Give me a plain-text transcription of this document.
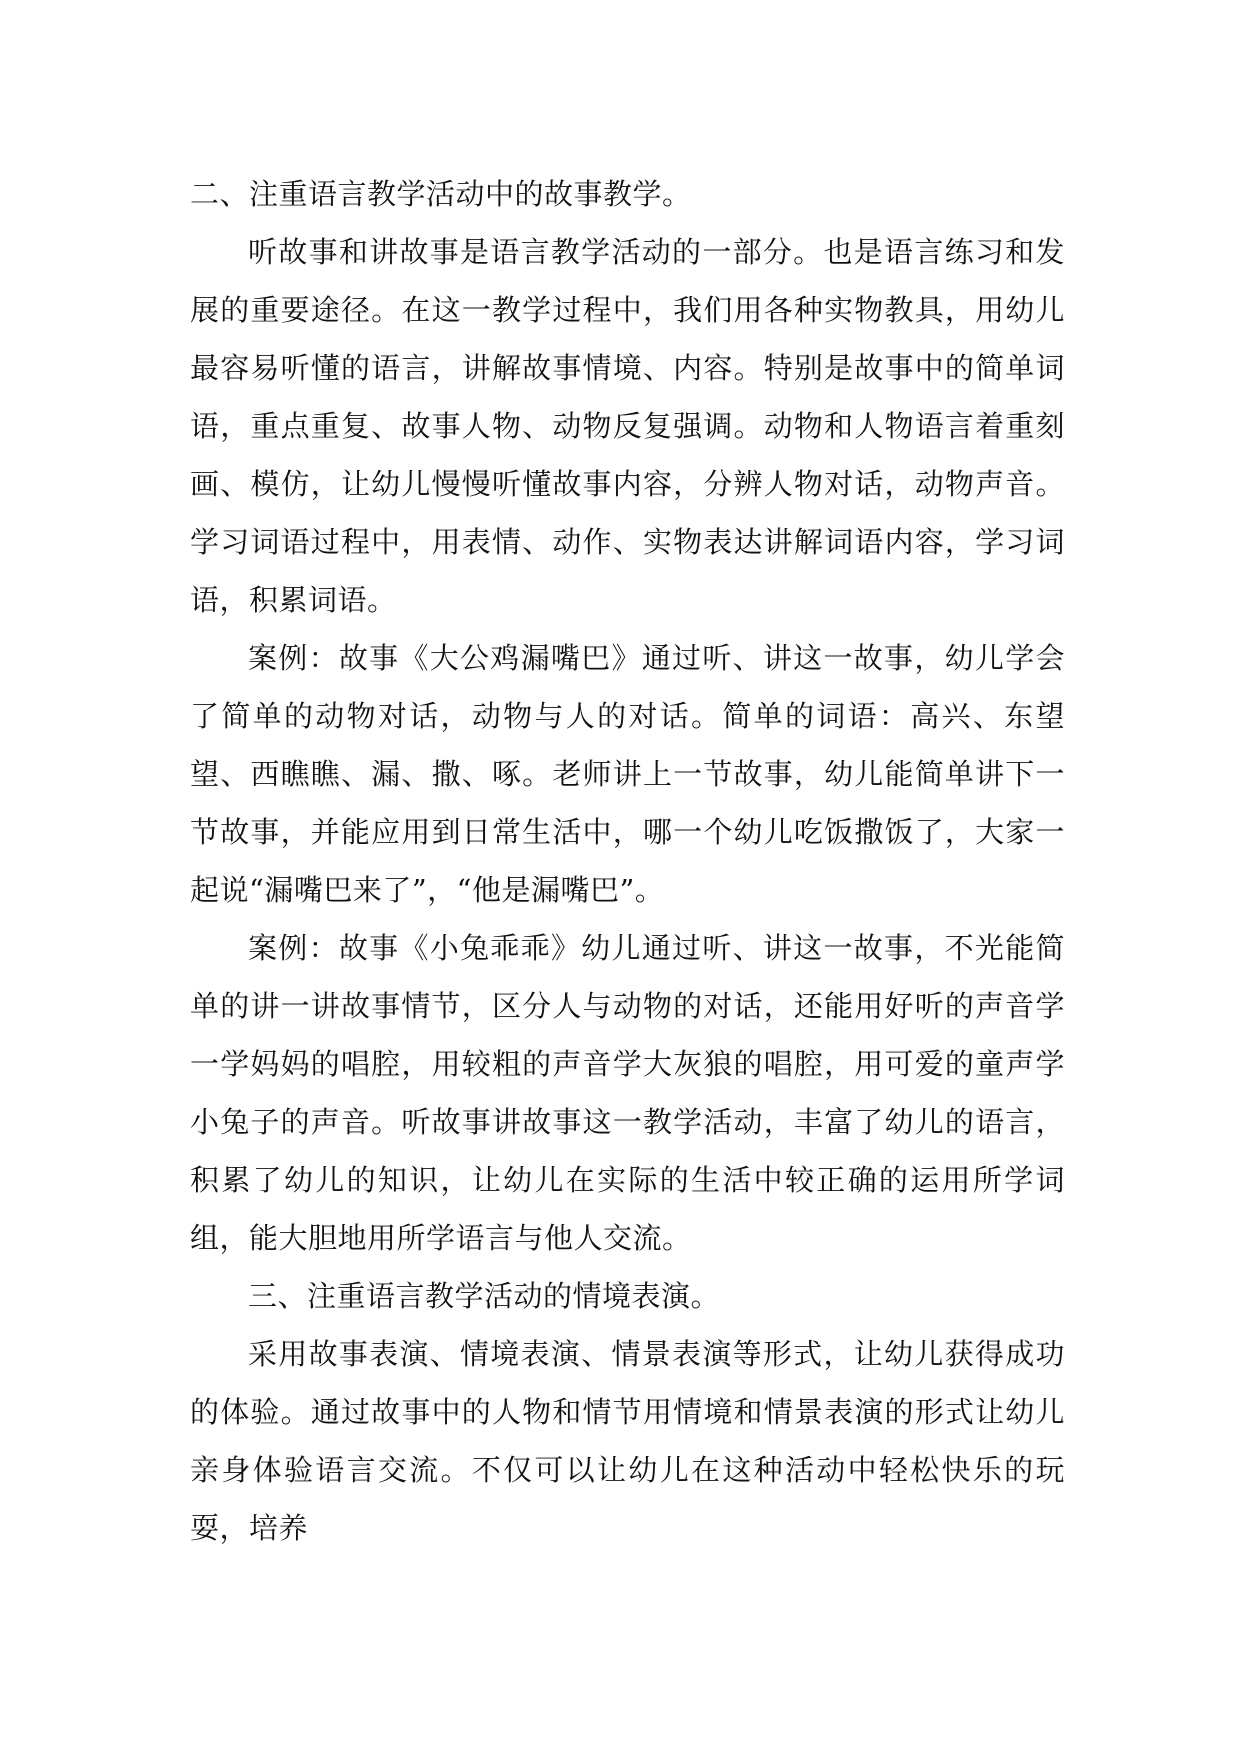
二、注重语言教学活动中的故事教学。

听故事和讲故事是语言教学活动的一部分。也是语言练习和发展的重要途径。在这一教学过程中，我们用各种实物教具，用幼儿最容易听懂的语言，讲解故事情境、内容。特别是故事中的简单词语，重点重复、故事人物、动物反复强调。动物和人物语言着重刻画、模仿，让幼儿慢慢听懂故事内容，分辨人物对话，动物声音。学习词语过程中，用表情、动作、实物表达讲解词语内容，学习词语，积累词语。

案例：故事《大公鸡漏嘴巴》通过听、讲这一故事，幼儿学会了简单的动物对话，动物与人的对话。简单的词语：高兴、东望望、西瞧瞧、漏、撒、啄。老师讲上一节故事，幼儿能简单讲下一节故事，并能应用到日常生活中，哪一个幼儿吃饭撒饭了，大家一起说“漏嘴巴来了”，“他是漏嘴巴”。

案例：故事《小兔乖乖》幼儿通过听、讲这一故事，不光能简单的讲一讲故事情节，区分人与动物的对话，还能用好听的声音学一学妈妈的唱腔，用较粗的声音学大灰狼的唱腔，用可爱的童声学小兔子的声音。听故事讲故事这一教学活动，丰富了幼儿的语言，积累了幼儿的知识，让幼儿在实际的生活中较正确的运用所学词组，能大胆地用所学语言与他人交流。

三、注重语言教学活动的情境表演。

采用故事表演、情境表演、情景表演等形式，让幼儿获得成功的体验。通过故事中的人物和情节用情境和情景表演的形式让幼儿亲身体验语言交流。不仅可以让幼儿在这种活动中轻松快乐的玩耍，培养
